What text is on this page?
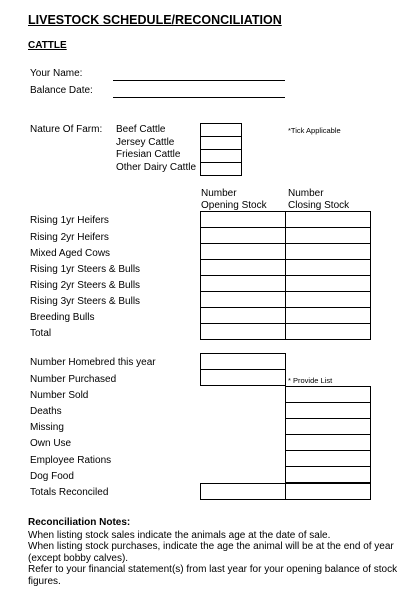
LIVESTOCK SCHEDULE/RECONCILIATION
CATTLE
Your Name:
Balance Date:
Nature Of Farm: Beef Cattle
Jersey Cattle
Friesian Cattle
Other Dairy Cattle
*Tick Applicable
Number
Opening Stock
Number
Closing Stock
Rising 1yr Heifers
Rising 2yr Heifers
Mixed Aged Cows
Rising 1yr Steers & Bulls
Rising 2yr Steers & Bulls
Rising 3yr Steers & Bulls
Breeding Bulls
Total
Number Homebred this year
Number Purchased	* Provide List
Number Sold
Deaths
Missing
Own Use
Employee Rations
Dog Food
Totals Reconciled
Reconciliation Notes:
When listing stock sales indicate the animals age at the date of sale.
When listing stock purchases, indicate the age the animal will be at the end of year (except bobby calves).
Refer to your financial statement(s) from last year for your opening balance of stock figures.
